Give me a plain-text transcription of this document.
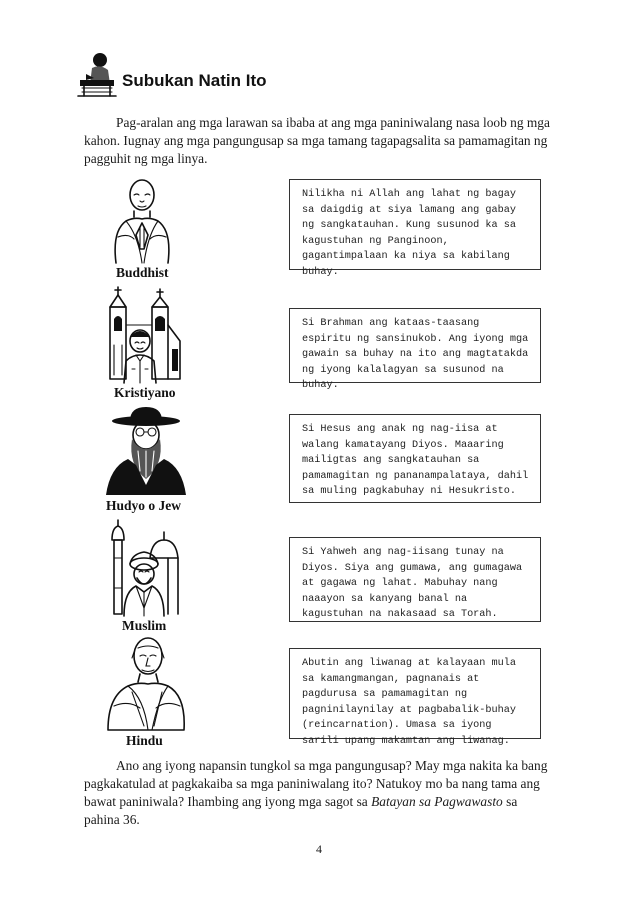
Subukan Natin Ito
Pag-aralan ang mga larawan sa ibaba at ang mga paniniwalang nasa loob ng mga kahon. Iugnay ang mga pangungusap sa mga tamang tagapagsalita sa pamamagitan ng pagguhit ng mga linya.
Buddhist
Kristiyano
Hudyo o Jew
Muslim
Hindu
Nilikha ni Allah ang lahat ng bagay sa daigdig at siya lamang ang gabay ng sangkatauhan. Kung susunod ka sa kagustuhan ng Panginoon, gagantimpalaan ka niya sa kabilang buhay.
Si Brahman ang kataas-taasang espiritu ng sansinukob. Ang iyong mga gawain sa buhay na ito ang magtatakda ng iyong kalalagyan sa susunod na buhay.
Si Hesus ang anak ng nag-iisa at walang kamatayang Diyos. Maaaring mailigtas ang sangkatauhan sa pamamagitan ng pananampalataya, dahil sa muling pagkabuhay ni Hesukristo.
Si Yahweh ang nag-iisang tunay na Diyos. Siya ang gumawa, ang gumagawa at gagawa ng lahat. Mabuhay nang naaayon sa kanyang banal na kagustuhan na nakasaad sa Torah.
Abutin ang liwanag at kalayaan mula sa kamangmangan, pagnanais at pagdurusa sa pamamagitan ng pagninilaynilay at pagbabalik-buhay (reincarnation). Umasa sa iyong sarili upang makamtan ang liwanag.
Ano ang iyong napansin tungkol sa mga pangungusap? May mga nakita ka bang pagkakatulad at pagkakaiba sa mga paniniwalang ito? Natukoy mo ba nang tama ang bawat paniniwala? Ihambing ang iyong mga sagot sa Batayan sa Pagwawasto sa pahina 36.
4
